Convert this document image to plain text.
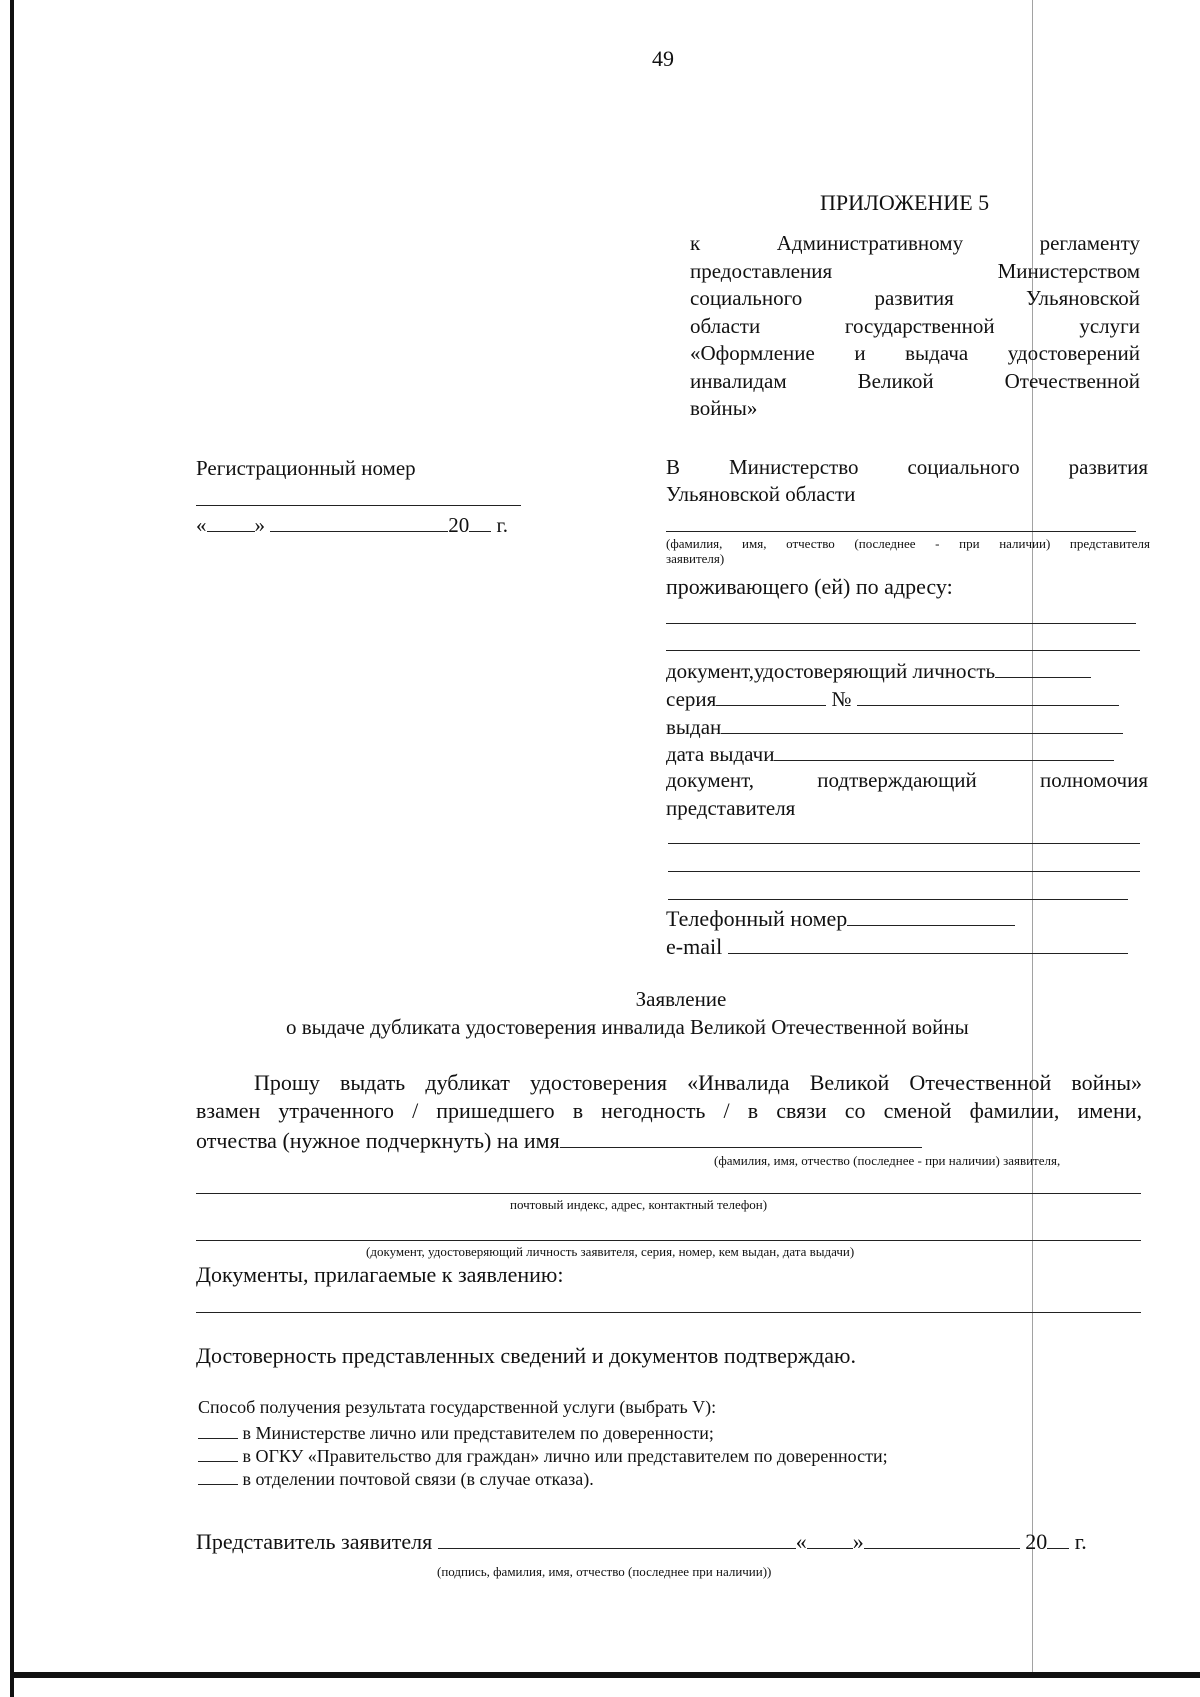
49
ПРИЛОЖЕНИЕ 5
к Административному регламенту
предоставления Министерством
социального развития Ульяновской
области государственной услуги
«Оформление и выдача удостоверений
инвалидам Великой Отечественной
войны»
Регистрационный номер
« »	20 г.
В Министерство социального развития
Ульяновской области
(фамилия, имя, отчество (последнее - при наличии) представителя
заявителя)
проживающего (ей) по адресу:
документ,удостоверяющий личность
серия	№
выдан
дата выдачи
документ, подтверждающий полномочия
представителя
Телефонный номер
e-mail
Заявление
о выдаче дубликата удостоверения инвалида Великой Отечественной войны
Прошу выдать дубликат удостоверения «Инвалида Великой Отечественной войны»
взамен утраченного / пришедшего в негодность / в связи со сменой фамилии, имени,
отчества (нужное подчеркнуть) на имя
(фамилия, имя, отчество (последнее - при наличии) заявителя,
почтовый индекс, адрес, контактный телефон)
(документ, удостоверяющий личность заявителя, серия, номер, кем выдан, дата выдачи)
Документы, прилагаемые к заявлению:
Достоверность представленных сведений и документов подтверждаю.
Способ получения результата государственной услуги (выбрать V):
в Министерстве лично или представителем по доверенности;
в ОГКУ «Правительство для граждан» лично или представителем по доверенности;
в отделении почтовой связи (в случае отказа).
Представитель заявителя	« »	20 г.
(подпись, фамилия, имя, отчество (последнее при наличии))
